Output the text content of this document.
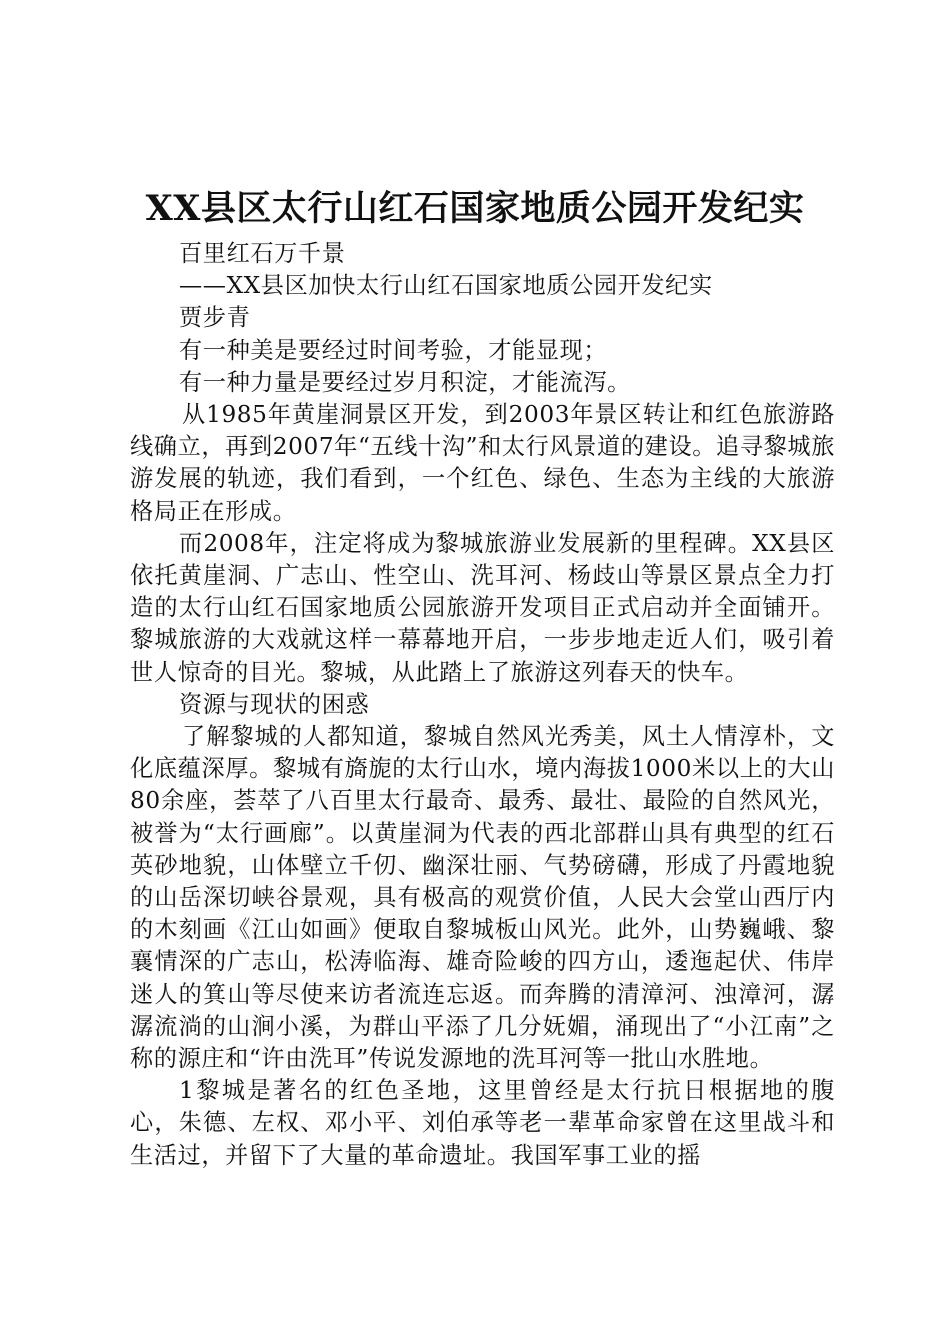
XX县区太行山红石国家地质公园开发纪实

百里红石万千景

——XX县区加快太行山红石国家地质公园开发纪实

贾步青

有一种美是要经过时间考验，才能显现；

有一种力量是要经过岁月积淀，才能流泻。

从1985年黄崖洞景区开发，到2003年景区转让和红色旅游路线确立，再到2007年“五线十沟”和太行风景道的建设。追寻黎城旅游发展的轨迹，我们看到，一个红色、绿色、生态为主线的大旅游格局正在形成。

而2008年，注定将成为黎城旅游业发展新的里程碑。XX县区依托黄崖洞、广志山、性空山、洗耳河、杨歧山等景区景点全力打造的太行山红石国家地质公园旅游开发项目正式启动并全面铺开。黎城旅游的大戏就这样一幕幕地开启，一步步地走近人们，吸引着世人惊奇的目光。黎城，从此踏上了旅游这列春天的快车。

资源与现状的困惑

了解黎城的人都知道，黎城自然风光秀美，风土人情淳朴，文化底蕴深厚。黎城有旖旎的太行山水，境内海拔1000米以上的大山80余座，荟萃了八百里太行最奇、最秀、最壮、最险的自然风光，被誉为“太行画廊”。以黄崖洞为代表的西北部群山具有典型的红石英砂地貌，山体壁立千仞、幽深壮丽、气势磅礴，形成了丹霞地貌的山岳深切峡谷景观，具有极高的观赏价值，人民大会堂山西厅内的木刻画《江山如画》便取自黎城板山风光。此外，山势巍峨、黎襄情深的广志山，松涛临海、雄奇险峻的四方山，逶迤起伏、伟岸迷人的箕山等尽使来访者流连忘返。而奔腾的清漳河、浊漳河，潺潺流淌的山涧小溪，为群山平添了几分妩媚，涌现出了“小江南”之称的源庄和“许由洗耳”传说发源地的洗耳河等一批山水胜地。

1黎城是著名的红色圣地，这里曾经是太行抗日根据地的腹心，朱德、左权、邓小平、刘伯承等老一辈革命家曾在这里战斗和生活过，并留下了大量的革命遗址。我国军事工业的摇
